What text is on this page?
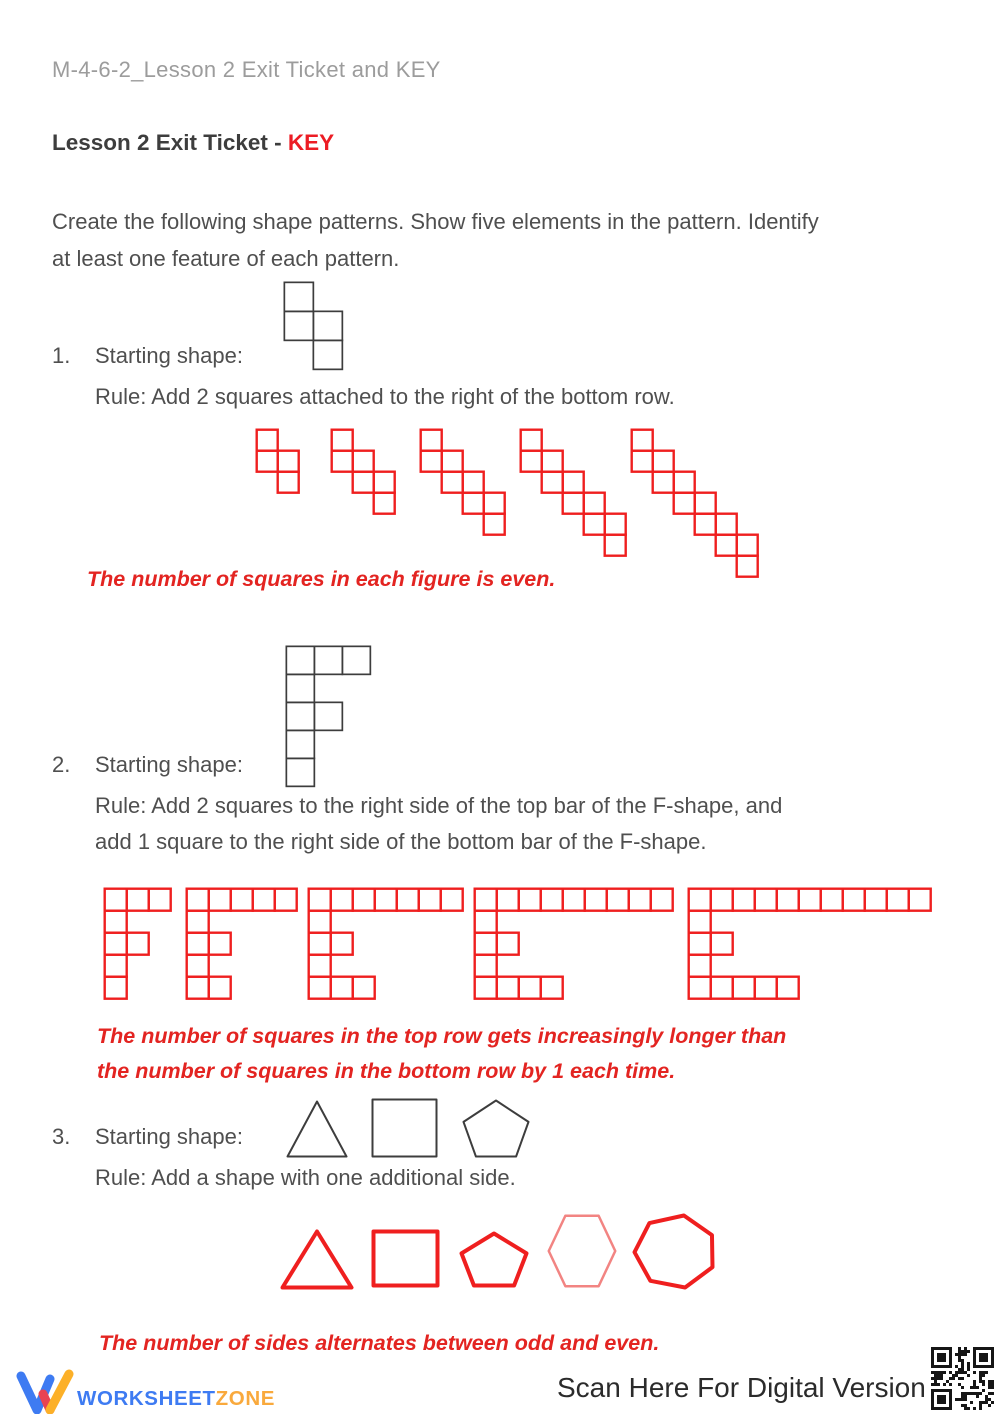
M-4-6-2_Lesson 2 Exit Ticket and KEY
Lesson 2 Exit Ticket - KEY
Create the following shape patterns. Show five elements in the pattern. Identify
at least one feature of each pattern.
1. Starting shape:
Rule: Add 2 squares attached to the right of the bottom row.
The number of squares in each figure is even.
2. Starting shape:
Rule: Add 2 squares to the right side of the top bar of the F-shape, and
add 1 square to the right side of the bottom bar of the F-shape.
The number of squares in the top row gets increasingly longer than
the number of squares in the bottom row by 1 each time.
3. Starting shape:
Rule: Add a shape with one additional side.
The number of sides alternates between odd and even.
WORKSHEETZONE	Scan Here For Digital Version
